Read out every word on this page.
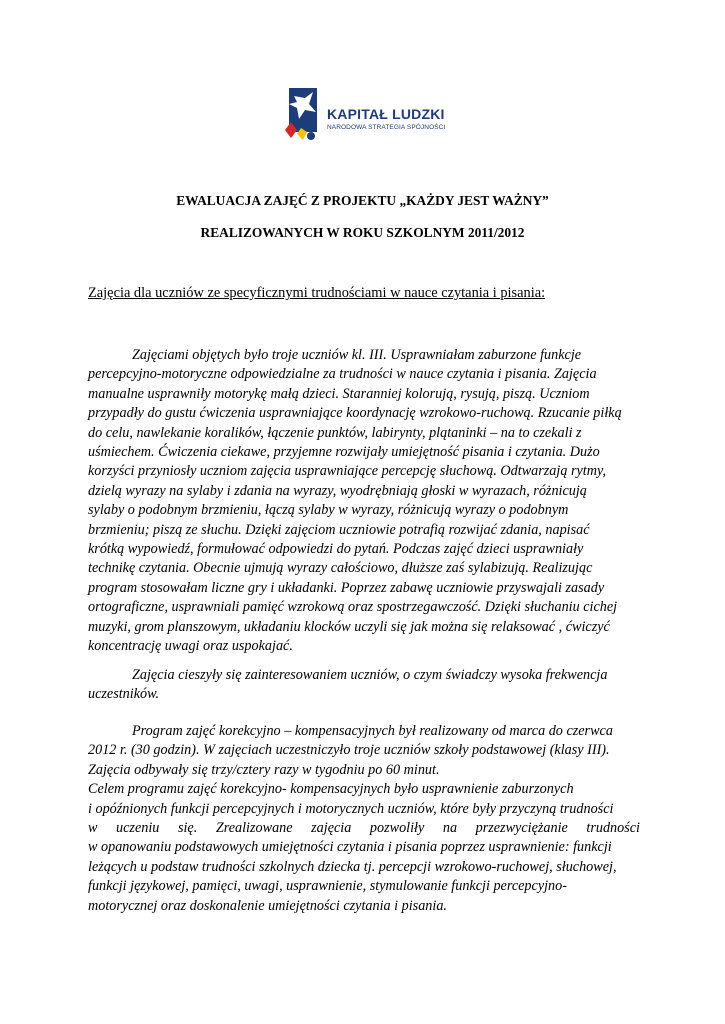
KAPITAŁ LUDZKI
NARODOWA STRATEGIA SPÓJNOŚCI
EWALUACJA ZAJĘĆ Z PROJEKTU „KAŻDY JEST WAŻNY”
REALIZOWANYCH W ROKU SZKOLNYM 2011/2012
Zajęcia dla uczniów ze specyficznymi trudnościami w nauce czytania i pisania:
Zajęciami objętych było troje uczniów kl. III. Usprawniałam zaburzone funkcje
percepcyjno-motoryczne odpowiedzialne za trudności w nauce czytania i pisania. Zajęcia
manualne usprawniły motorykę małą dzieci. Staranniej kolorują, rysują, piszą. Uczniom
przypadły do gustu ćwiczenia usprawniające koordynację wzrokowo-ruchową. Rzucanie piłką
do celu, nawlekanie koralików, łączenie punktów, labirynty, plątaninki – na to czekali z
uśmiechem. Ćwiczenia ciekawe, przyjemne rozwijały umiejętność pisania i czytania. Dużo
korzyści przyniosły uczniom zajęcia usprawniające percepcję słuchową. Odtwarzają rytmy,
dzielą wyrazy na sylaby i zdania na wyrazy, wyodrębniają głoski w wyrazach, różnicują
sylaby o podobnym brzmieniu, łączą sylaby w wyrazy, różnicują wyrazy o podobnym
brzmieniu; piszą ze słuchu. Dzięki zajęciom uczniowie potrafią rozwijać zdania, napisać
krótką wypowiedź, formułować odpowiedzi do pytań. Podczas zajęć dzieci usprawniały
technikę czytania. Obecnie ujmują wyrazy całościowo, dłuższe zaś sylabizują. Realizując
program stosowałam liczne gry i układanki. Poprzez zabawę uczniowie przyswajali zasady
ortograficzne, usprawniali pamięć wzrokową oraz spostrzegawczość. Dzięki słuchaniu cichej
muzyki, grom planszowym, układaniu klocków uczyli się jak można się relaksować , ćwiczyć
koncentrację uwagi oraz uspokajać.
Zajęcia cieszyły się zainteresowaniem uczniów, o czym świadczy wysoka frekwencja
uczestników.
Program zajęć korekcyjno – kompensacyjnych był realizowany od marca do czerwca
2012 r. (30 godzin). W zajęciach uczestniczyło troje uczniów szkoły podstawowej (klasy III).
Zajęcia odbywały się trzy/cztery razy w tygodniu po 60 minut.
Celem programu zajęć korekcyjno- kompensacyjnych było usprawnienie zaburzonych
i opóźnionych funkcji percepcyjnych i motorycznych uczniów, które były przyczyną trudności
w uczeniu się. Zrealizowane zajęcia pozwoliły na przezwyciężanie trudności
w opanowaniu podstawowych umiejętności czytania i pisania poprzez usprawnienie: funkcji
leżących u podstaw trudności szkolnych dziecka tj. percepcji wzrokowo-ruchowej, słuchowej,
funkcji językowej, pamięci, uwagi, usprawnienie, stymulowanie funkcji percepcyjno-
motorycznej oraz doskonalenie umiejętności czytania i pisania.
